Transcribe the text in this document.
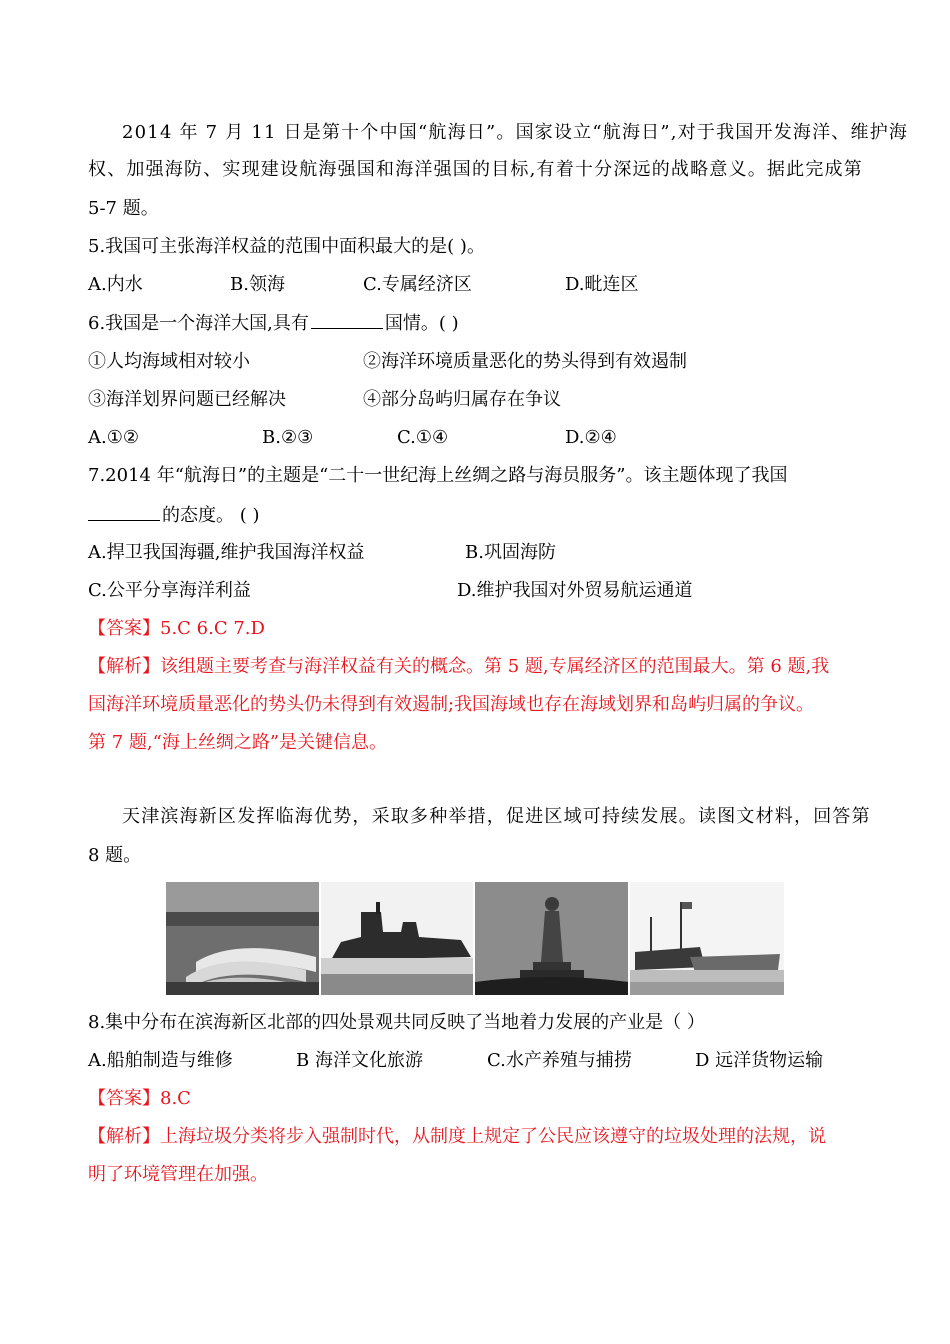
2014 年 7 月 11 日是第十个中国“航海日”。国家设立“航海日”,对于我国开发海洋、维护海
权、加强海防、实现建设航海强国和海洋强国的目标,有着十分深远的战略意义。据此完成第
5-7 题。
5.我国可主张海洋权益的范围中面积最大的是( )。
A.内水	B.领海	C.专属经济区	D.毗连区
6.我国是一个海洋大国,具有	国情。( )
①人均海域相对较小	②海洋环境质量恶化的势头得到有效遏制
③海洋划界问题已经解决	④部分岛屿归属存在争议
A.①②	B.②③	C.①④	D.②④
7.2014 年“航海日”的主题是“二十一世纪海上丝绸之路与海员服务”。该主题体现了我国
的态度。 ( )
A.捍卫我国海疆,维护我国海洋权益	B.巩固海防
C.公平分享海洋利益	D.维护我国对外贸易航运通道
【答案】5.C 6.C 7.D
【解析】该组题主要考查与海洋权益有关的概念。第 5 题,专属经济区的范围最大。第 6 题,我
国海洋环境质量恶化的势头仍未得到有效遏制;我国海域也存在海域划界和岛屿归属的争议。
第 7 题,“海上丝绸之路”是关键信息。
天津滨海新区发挥临海优势，采取多种举措，促进区域可持续发展。读图文材料，回答第
8 题。
8.集中分布在滨海新区北部的四处景观共同反映了当地着力发展的产业是（ ）
A.船舶制造与维修	B 海洋文化旅游	C.水产养殖与捕捞	D 远洋货物运输
【答案】8.C
【解析】上海垃圾分类将步入强制时代，从制度上规定了公民应该遵守的垃圾处理的法规，说
明了环境管理在加强。
